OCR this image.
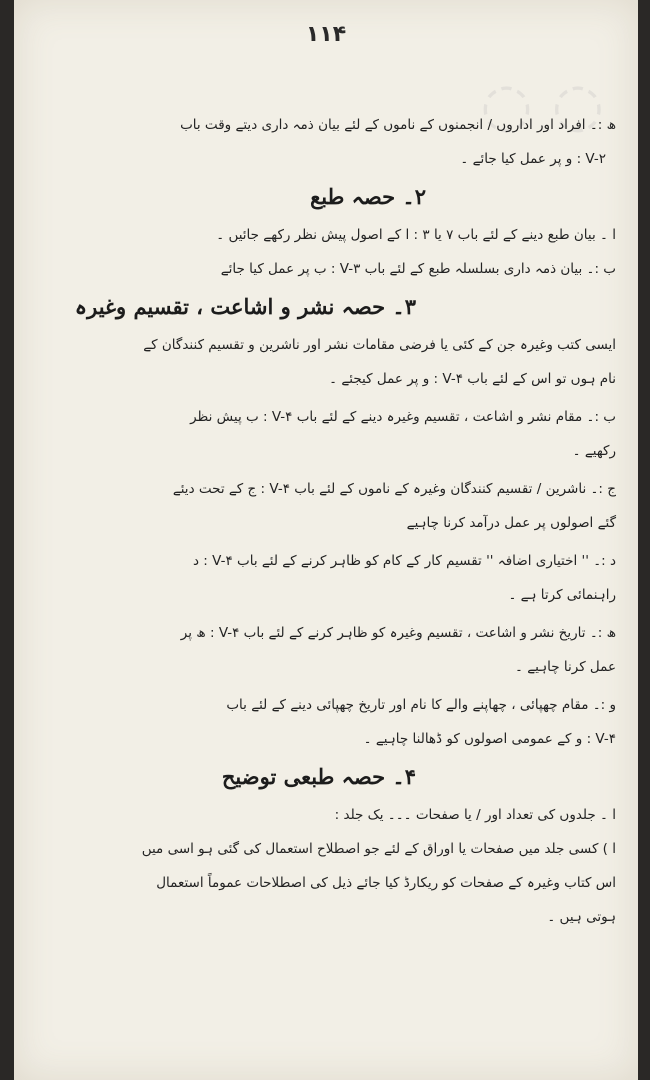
◌ ◌
۱۱۴

ھ :۔ افراد اور اداروں / انجمنوں کے ناموں کے لئے بیان ذمہ داری دیتے وقت باب

V-۲ : و پر عمل کیا جائے ۔

۲۔ حصہ طبع

ا ۔ بیان طبع دینے کے لئے باب ۷ یا ۳ : ا کے اصول پیش نظر رکھے جائیں ۔

ب :۔ بیان ذمہ داری بسلسلہ طبع کے لئے باب V-۳ : ب پر عمل کیا جائے

۳۔ حصہ نشر و اشاعت ، تقسیم وغیرہ

ایسی کتب وغیرہ جن کے کئی یا فرضی مقامات نشر اور ناشرین و تقسیم کنندگان کے

نام ہوں تو اس کے لئے باب V-۴ : و پر عمل کیجئے ۔

ب :۔ مقام نشر و اشاعت ، تقسیم وغیرہ دینے کے لئے باب V-۴ : ب پیش نظر

رکھیے ۔

ج :۔ ناشرین / تقسیم کنندگان وغیرہ کے ناموں کے لئے باب V-۴ : ج کے تحت دیئے

گئے اصولوں پر عمل درآمد کرنا چاہیے

د :۔ '' اختیاری اضافہ '' تقسیم کار کے کام کو ظاہر کرنے کے لئے باب V-۴ : د

راہنمائی کرتا ہے ۔

ھ :۔ تاریخ نشر و اشاعت ، تقسیم وغیرہ کو ظاہر کرنے کے لئے باب V-۴ : ھ پر

عمل کرنا چاہیے ۔

و :۔ مقام چھپائی ، چھاپنے والے کا نام اور تاریخ چھپائی دینے کے لئے باب

V-۴ : و کے عمومی اصولوں کو ڈھالنا چاہیے ۔

۴۔ حصہ طبعی توضیح

ا ۔ جلدوں کی تعداد اور / یا صفحات ۔۔۔ یک جلد :

ا ) کسی جلد میں صفحات یا اوراق کے لئے جو اصطلاح استعمال کی گئی ہو اسی میں

اس کتاب وغیرہ کے صفحات کو ریکارڈ کیا جائے ذیل کی اصطلاحات عموماً استعمال

ہوتی ہیں ۔
